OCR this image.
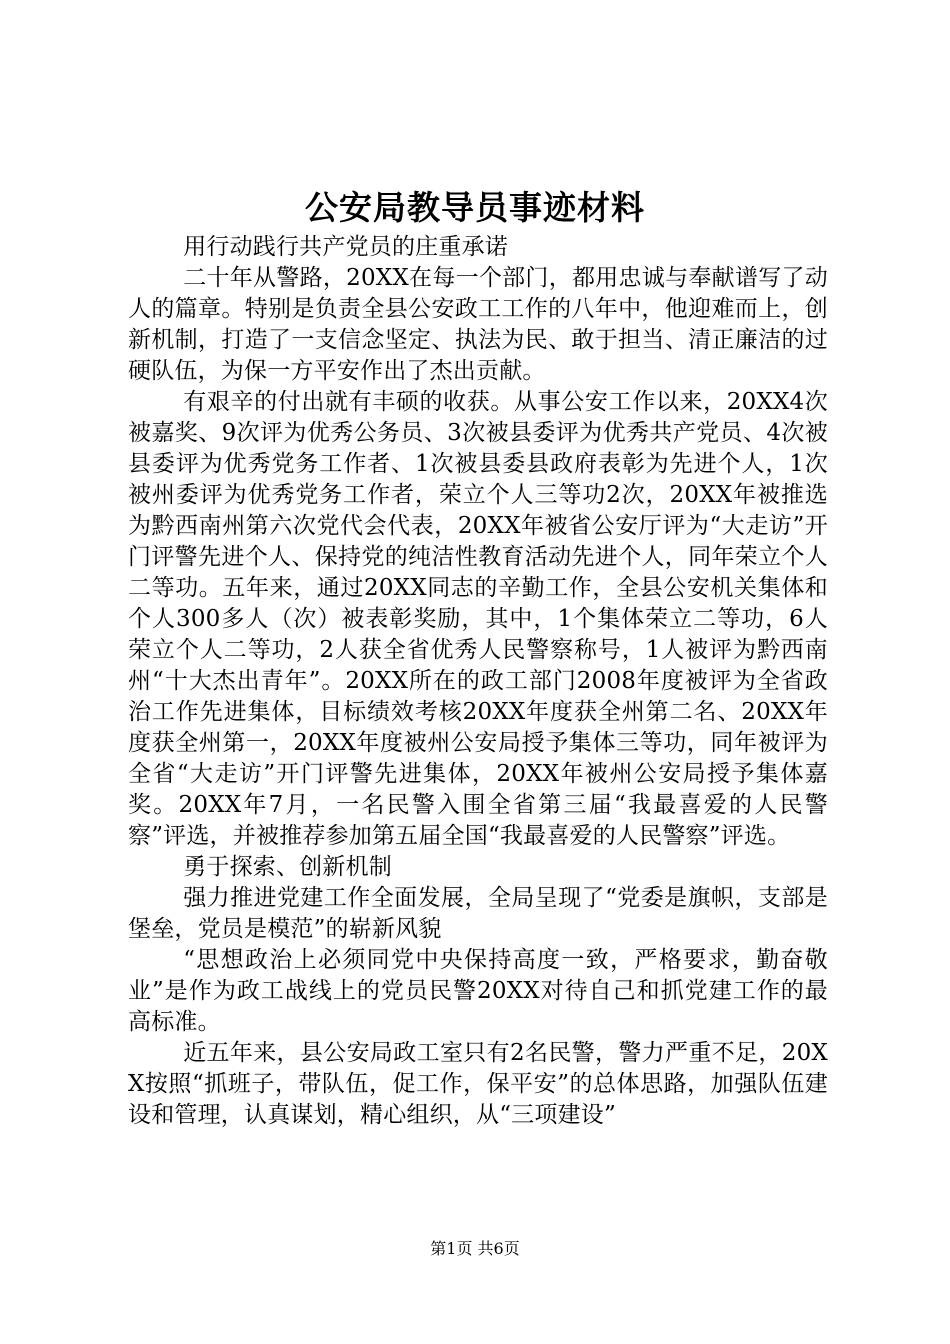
公安局教导员事迹材料

用行动践行共产党员的庄重承诺

二十年从警路，20XX在每一个部门，都用忠诚与奉献谱写了动人的篇章。特别是负责全县公安政工工作的八年中，他迎难而上，创新机制，打造了一支信念坚定、执法为民、敢于担当、清正廉洁的过硬队伍，为保一方平安作出了杰出贡献。

有艰辛的付出就有丰硕的收获。从事公安工作以来，20XX4次被嘉奖、9次评为优秀公务员、3次被县委评为优秀共产党员、4次被县委评为优秀党务工作者、1次被县委县政府表彰为先进个人，1次被州委评为优秀党务工作者，荣立个人三等功2次，20XX年被推选为黔西南州第六次党代会代表，20XX年被省公安厅评为“大走访”开门评警先进个人、保持党的纯洁性教育活动先进个人，同年荣立个人二等功。五年来，通过20XX同志的辛勤工作，全县公安机关集体和个人300多人（次）被表彰奖励，其中，1个集体荣立二等功，6人荣立个人二等功，2人获全省优秀人民警察称号，1人被评为黔西南州“十大杰出青年”。20XX所在的政工部门2008年度被评为全省政治工作先进集体，目标绩效考核20XX年度获全州第二名、20XX年度获全州第一，20XX年度被州公安局授予集体三等功，同年被评为全省“大走访”开门评警先进集体，20XX年被州公安局授予集体嘉奖。20XX年7月，一名民警入围全省第三届“我最喜爱的人民警察”评选，并被推荐参加第五届全国“我最喜爱的人民警察”评选。

勇于探索、创新机制

强力推进党建工作全面发展，全局呈现了“党委是旗帜，支部是堡垒，党员是模范”的崭新风貌

“思想政治上必须同党中央保持高度一致，严格要求，勤奋敬业”是作为政工战线上的党员民警20XX对待自己和抓党建工作的最高标准。

近五年来，县公安局政工室只有2名民警，警力严重不足，20XX按照“抓班子，带队伍，促工作，保平安”的总体思路，加强队伍建设和管理，认真谋划，精心组织，从“三项建设”

第1页 共6页
